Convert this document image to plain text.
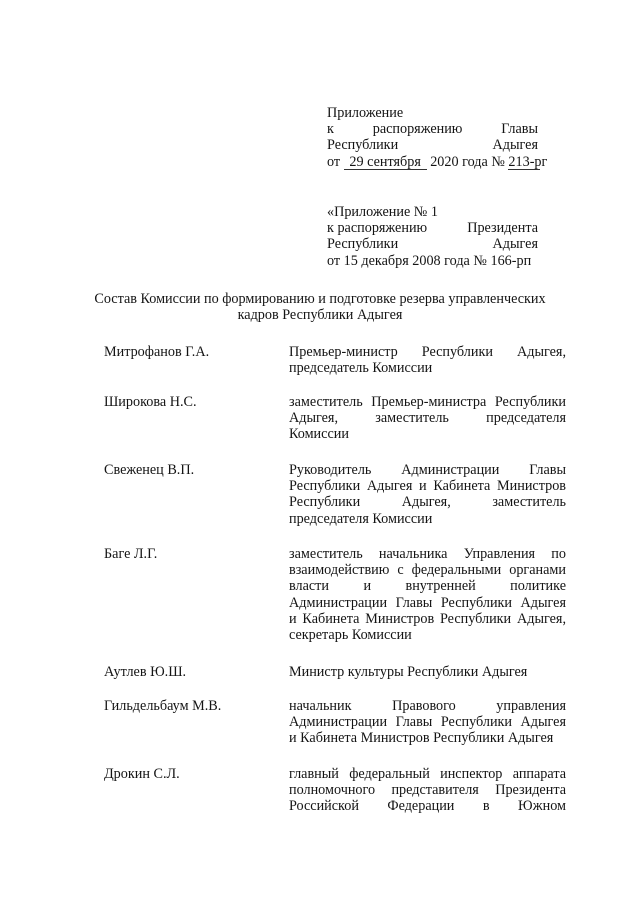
Приложение
к	распоряжению	Главы
Республики	Адыгея
от 29 сентября 2020 года № 213-рг
«Приложение № 1
к распоряжению	Президента
Республики	Адыгея
от 15 декабря 2008 года № 166-рп
Состав Комиссии по формированию и подготовке резерва управленческих
кадров Республики Адыгея
Митрофанов Г.А.	Премьер-министр Республики Адыгея,
председатель Комиссии
Широкова Н.С.	заместитель Премьер-министра Республики
Адыгея, заместитель председателя
Комиссии
Свеженец В.П.	Руководитель Администрации Главы
Республики Адыгея и Кабинета Министров
Республики Адыгея, заместитель
председателя Комиссии
Баге Л.Г.	заместитель начальника Управления по
взаимодействию с федеральными органами
власти и внутренней политике
Администрации Главы Республики Адыгея
и Кабинета Министров Республики Адыгея,
секретарь Комиссии
Аутлев Ю.Ш.	Министр культуры Республики Адыгея
Гильдельбаум М.В.	начальник Правового управления
Администрации Главы Республики Адыгея
и Кабинета Министров Республики Адыгея
Дрокин С.Л.	главный федеральный инспектор аппарата
полномочного представителя Президента
Российской Федерации в Южном
